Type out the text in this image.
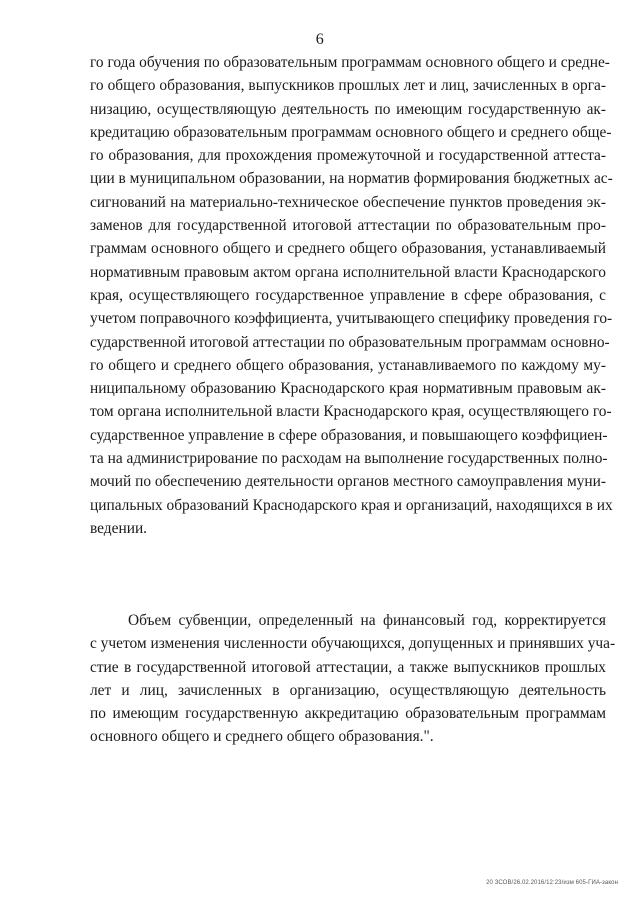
6
го года обучения по образовательным программам основного общего и средне-
го общего образования, выпускников прошлых лет и лиц, зачисленных в орга-
низацию, осуществляющую деятельность по имеющим государственную ак-
кредитацию образовательным программам основного общего и среднего обще-
го образования, для прохождения промежуточной и государственной аттеста-
ции в муниципальном образовании, на норматив формирования бюджетных ас-
сигнований на материально-техническое обеспечение пунктов проведения эк-
заменов для государственной итоговой аттестации по образовательным про-
граммам основного общего и среднего общего образования, устанавливаемый
нормативным правовым актом органа исполнительной власти Краснодарского
края, осуществляющего государственное управление в сфере образования, с
учетом поправочного коэффициента, учитывающего специфику проведения го-
сударственной итоговой аттестации по образовательным программам основно-
го общего и среднего общего образования, устанавливаемого по каждому му-
ниципальному образованию Краснодарского края нормативным правовым ак-
том органа исполнительной власти Краснодарского края, осуществляющего го-
сударственное управление в сфере образования, и повышающего коэффициен-
та на администрирование по расходам на выполнение государственных полно-
мочий по обеспечению деятельности органов местного самоуправления муни-
ципальных образований Краснодарского края и организаций, находящихся в их
ведении.
Объем субвенции, определенный на финансовый год, корректируется
с учетом изменения численности обучающихся, допущенных и принявших уча-
стие в государственной итоговой аттестации, а также выпускников прошлых
лет и лиц, зачисленных в организацию, осуществляющую деятельность
по имеющим государственную аккредитацию образовательным программам
основного общего и среднего общего образования.".
20 ЗСОВ/26.02.2016/12:23/изм 605-ГИА-закон
